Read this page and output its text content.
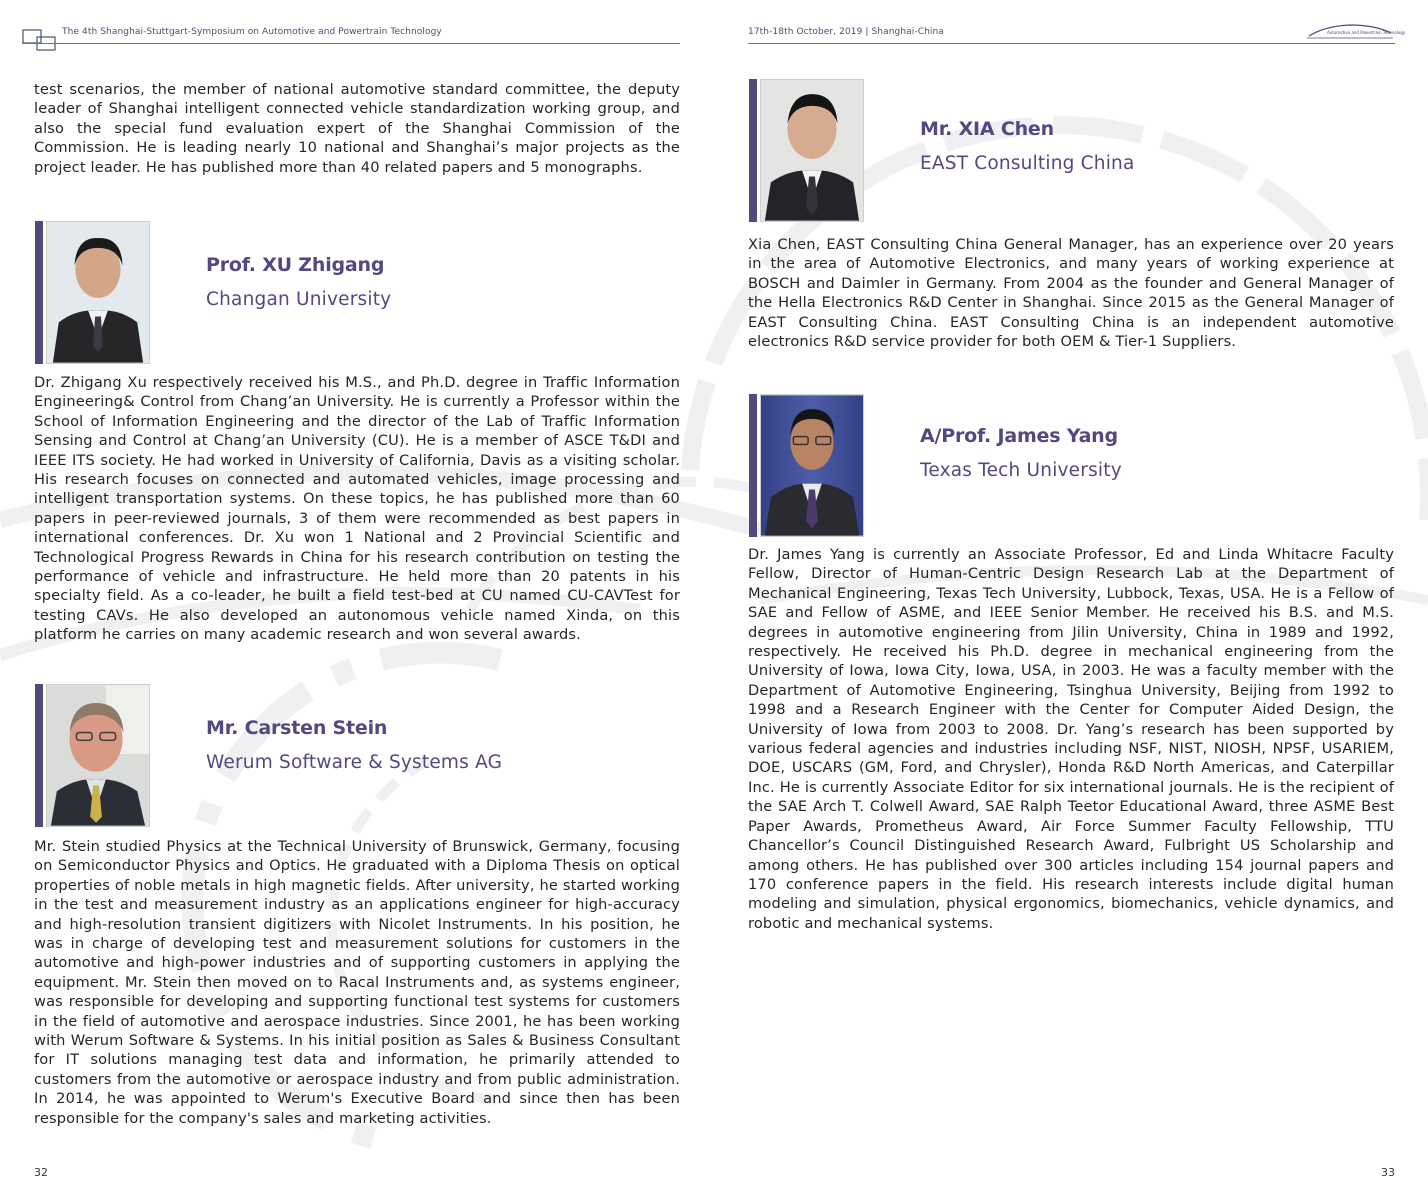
The 4th Shanghai-Stuttgart-Symposium on Automotive and Powertrain Technology	17th-18th October, 2019 | Shanghai-China	Automotive and Powertrain Technology

test scenarios, the member of national automotive standard committee, the deputy leader of Shanghai intelligent connected vehicle standardization working group, and also the special fund evaluation expert of the Shanghai Commission of the Commission. He is leading nearly 10 national and Shanghai’s major projects as the project leader. He has published more than 40 related papers and 5 monographs.

Prof. XU Zhigang
Changan University

Dr. Zhigang Xu respectively received his M.S., and Ph.D. degree in Traffic Information Engineering& Control from Chang’an University. He is currently a Professor within the School of Information Engineering and the director of the Lab of Traffic Information Sensing and Control at Chang’an University (CU). He is a member of ASCE T&DI and IEEE ITS society. He had worked in University of California, Davis as a visiting scholar. His research focuses on connected and automated vehicles, image processing and intelligent transportation systems. On these topics, he has published more than 60 papers in peer-reviewed journals, 3 of them were recommended as best papers in international conferences. Dr. Xu won 1 National and 2 Provincial Scientific and Technological Progress Rewards in China for his research contribution on testing the performance of vehicle and infrastructure. He held more than 20 patents in his specialty field. As a co-leader, he built a field test-bed at CU named CU-CAVTest for testing CAVs. He also developed an autonomous vehicle named Xinda, on this platform he carries on many academic research and won several awards.

Mr. Carsten Stein
Werum Software & Systems AG

Mr. Stein studied Physics at the Technical University of Brunswick, Germany, focusing on Semiconductor Physics and Optics. He graduated with a Diploma Thesis on optical properties of noble metals in high magnetic fields. After university, he started working in the test and measurement industry as an applications engineer for high-accuracy and high-resolution transient digitizers with Nicolet Instruments. In his position, he was in charge of developing test and measurement solutions for customers in the automotive and high-power industries and of supporting customers in applying the equipment. Mr. Stein then moved on to Racal Instruments and, as systems engineer, was responsible for developing and supporting functional test systems for customers in the field of automotive and aerospace industries. Since 2001, he has been working with Werum Software & Systems. In his initial position as Sales & Business Consultant for IT solutions managing test data and information, he primarily attended to customers from the automotive or aerospace industry and from public administration. In 2014, he was appointed to Werum's Executive Board and since then has been responsible for the company's sales and marketing activities.

32
Mr. XIA Chen
EAST Consulting China

Xia Chen, EAST Consulting China General Manager, has an experience over 20 years in the area of Automotive Electronics, and many years of working experience at BOSCH and Daimler in Germany. From 2004 as the founder and General Manager of the Hella Electronics R&D Center in Shanghai. Since 2015 as the General Manager of EAST Consulting China. EAST Consulting China is an independent automotive electronics R&D service provider for both OEM & Tier-1 Suppliers.

A/Prof. James Yang
Texas Tech University

Dr. James Yang is currently an Associate Professor, Ed and Linda Whitacre Faculty Fellow, Director of Human-Centric Design Research Lab at the Department of Mechanical Engineering, Texas Tech University, Lubbock, Texas, USA. He is a Fellow of SAE and Fellow of ASME, and IEEE Senior Member. He received his B.S. and M.S. degrees in automotive engineering from Jilin University, China in 1989 and 1992, respectively. He received his Ph.D. degree in mechanical engineering from the University of Iowa, Iowa City, Iowa, USA, in 2003. He was a faculty member with the Department of Automotive Engineering, Tsinghua University, Beijing from 1992 to 1998 and a Research Engineer with the Center for Computer Aided Design, the University of Iowa from 2003 to 2008. Dr. Yang’s research has been supported by various federal agencies and industries including NSF, NIST, NIOSH, NPSF, USARIEM, DOE, USCARS (GM, Ford, and Chrysler), Honda R&D North Americas, and Caterpillar Inc. He is currently Associate Editor for six international journals. He is the recipient of the SAE Arch T. Colwell Award, SAE Ralph Teetor Educational Award, three ASME Best Paper Awards, Prometheus Award, Air Force Summer Faculty Fellowship, TTU Chancellor’s Council Distinguished Research Award, Fulbright US Scholarship and among others. He has published over 300 articles including 154 journal papers and 170 conference papers in the field. His research interests include digital human modeling and simulation, physical ergonomics, biomechanics, vehicle dynamics, and robotic and mechanical systems.

33
